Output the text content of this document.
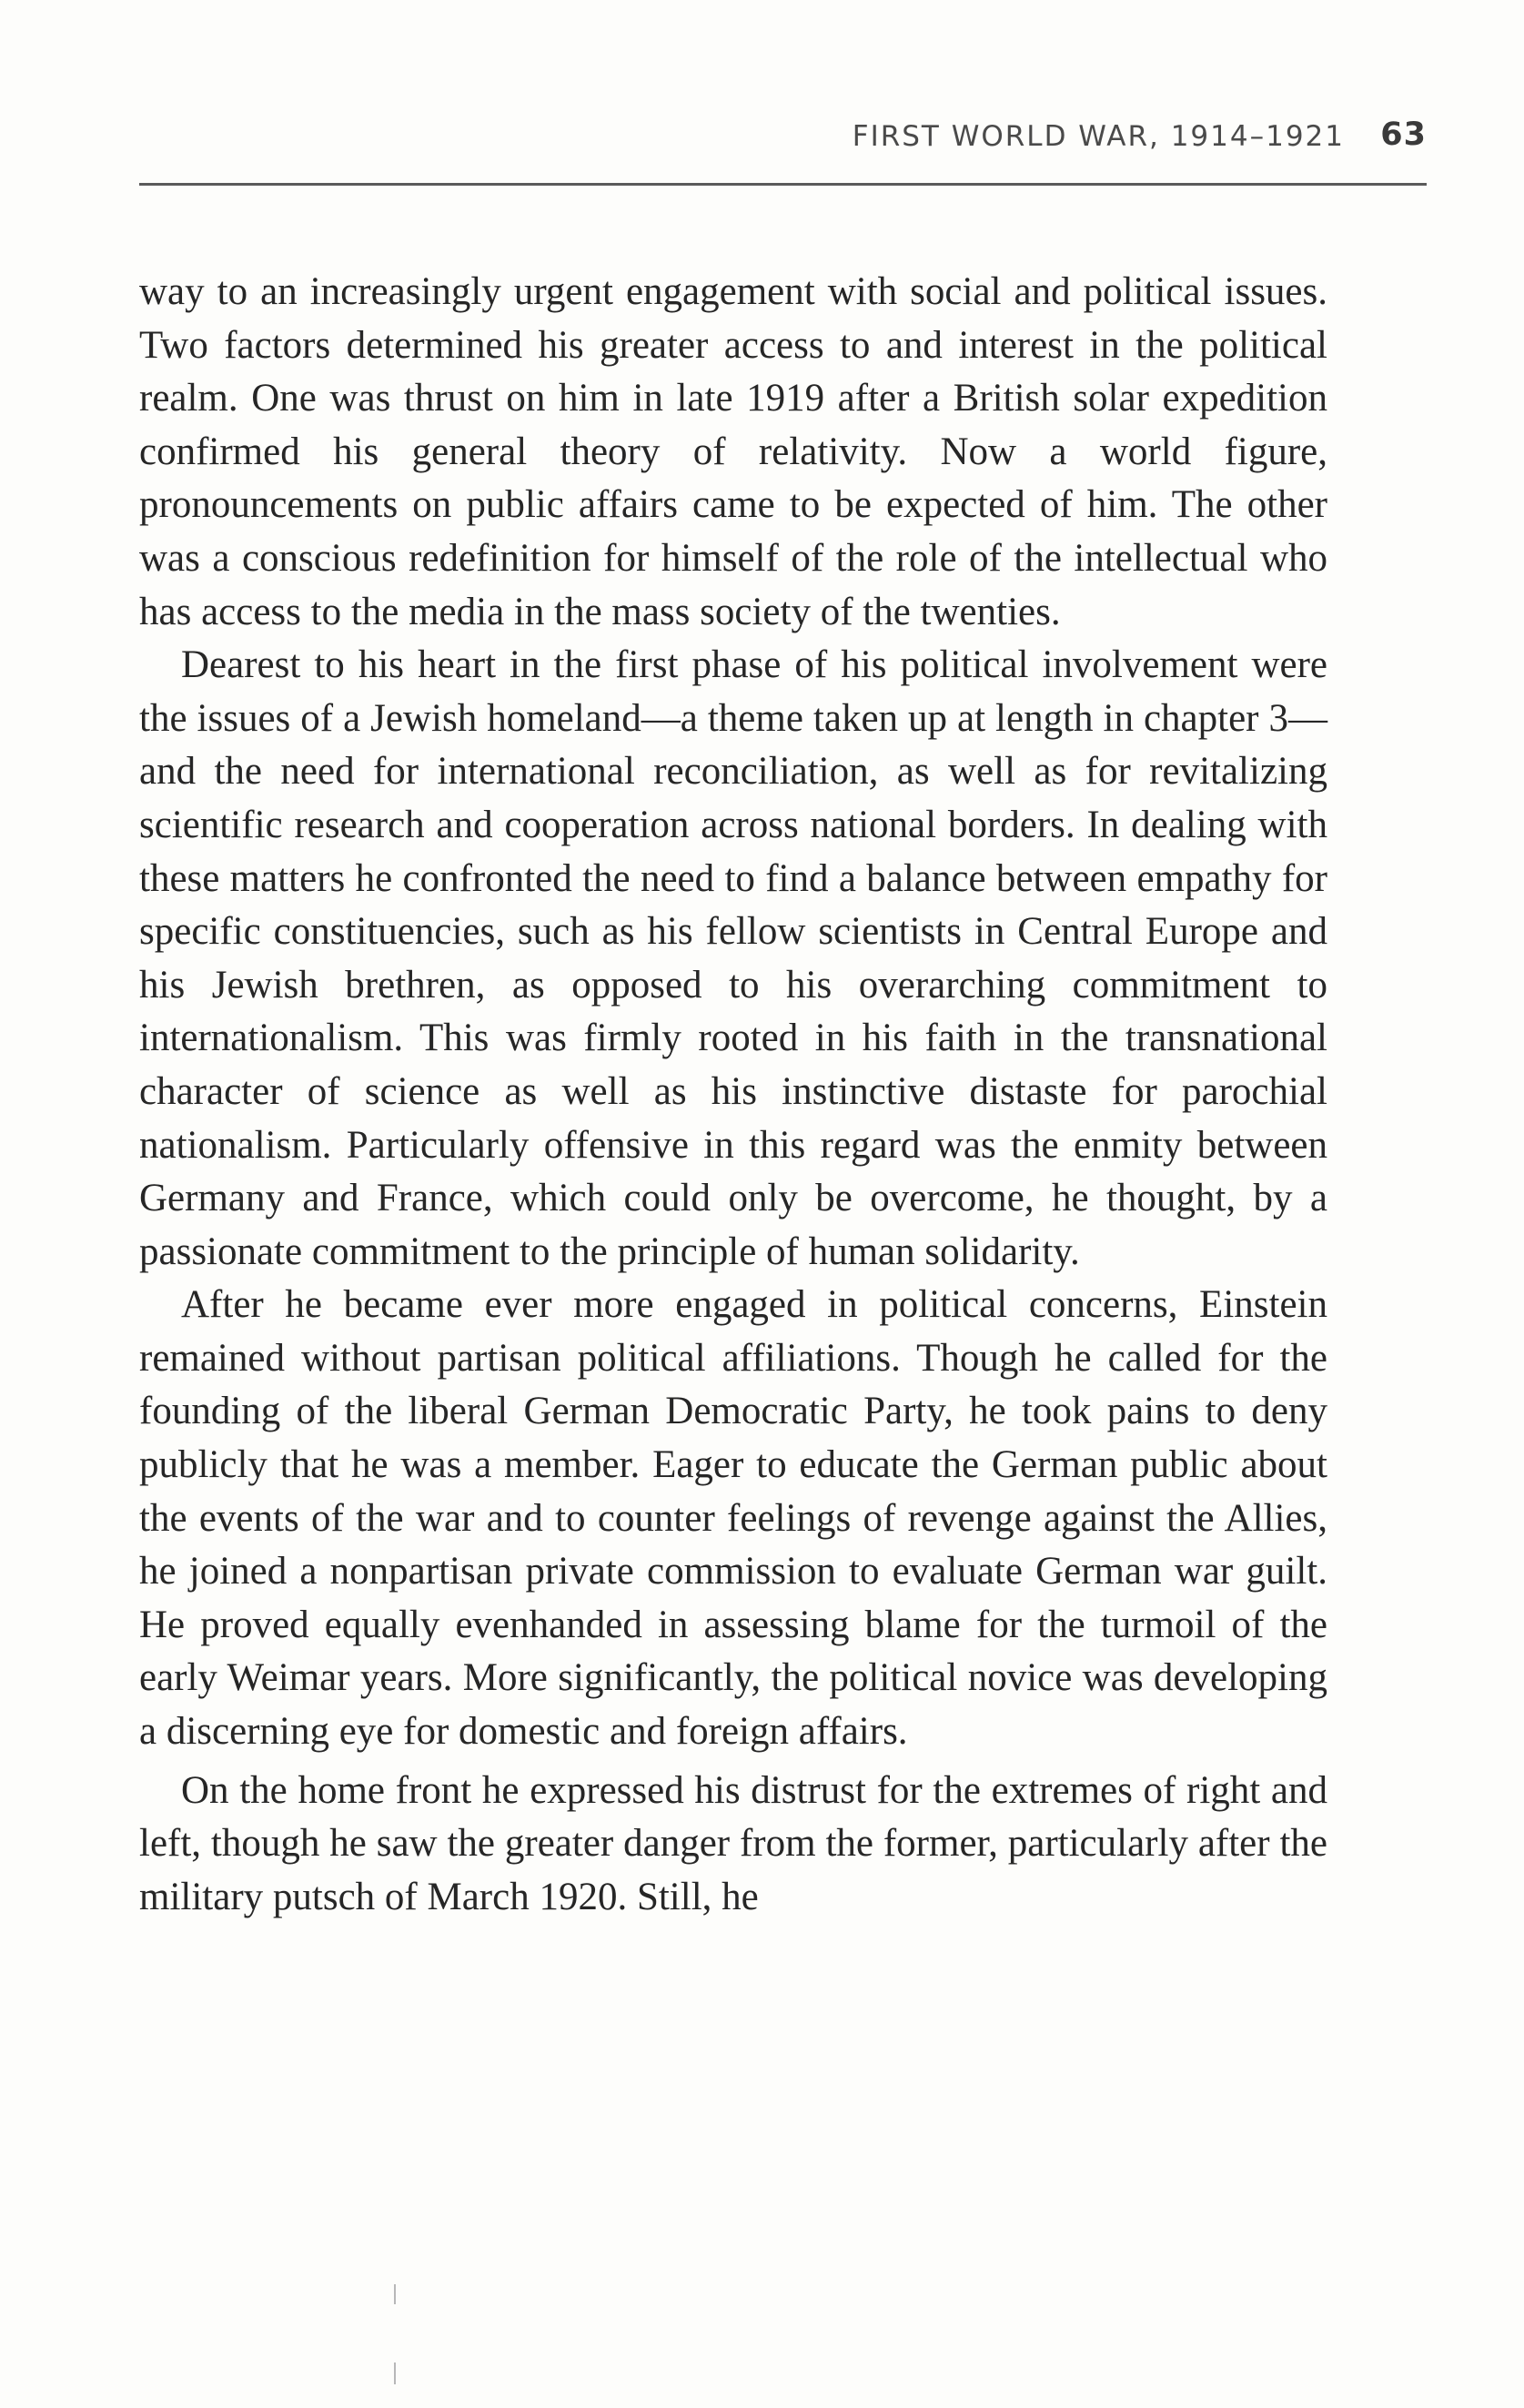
FIRST WORLD WAR, 1914–1921 63

way to an increasingly urgent engagement with social and political issues. Two factors determined his greater access to and interest in the political realm. One was thrust on him in late 1919 after a British solar expedition confirmed his general theory of relativity. Now a world figure, pronouncements on public affairs came to be expected of him. The other was a conscious redefinition for himself of the role of the intellectual who has access to the media in the mass society of the twenties.

Dearest to his heart in the first phase of his political involvement were the issues of a Jewish homeland—a theme taken up at length in chapter 3—and the need for international reconciliation, as well as for revitalizing scientific research and cooperation across national borders. In dealing with these matters he confronted the need to find a balance between empathy for specific constituencies, such as his fellow scientists in Central Europe and his Jewish brethren, as opposed to his overarching commitment to internationalism. This was firmly rooted in his faith in the transnational character of science as well as his instinctive distaste for parochial nationalism. Particularly offensive in this regard was the enmity between Germany and France, which could only be overcome, he thought, by a passionate commitment to the principle of human solidarity.

After he became ever more engaged in political concerns, Einstein remained without partisan political affiliations. Though he called for the founding of the liberal German Democratic Party, he took pains to deny publicly that he was a member. Eager to educate the German public about the events of the war and to counter feelings of revenge against the Allies, he joined a nonpartisan private commission to evaluate German war guilt. He proved equally evenhanded in assessing blame for the turmoil of the early Weimar years. More significantly, the political novice was developing a discerning eye for domestic and foreign affairs.

On the home front he expressed his distrust for the extremes of right and left, though he saw the greater danger from the former, particularly after the military putsch of March 1920. Still, he
